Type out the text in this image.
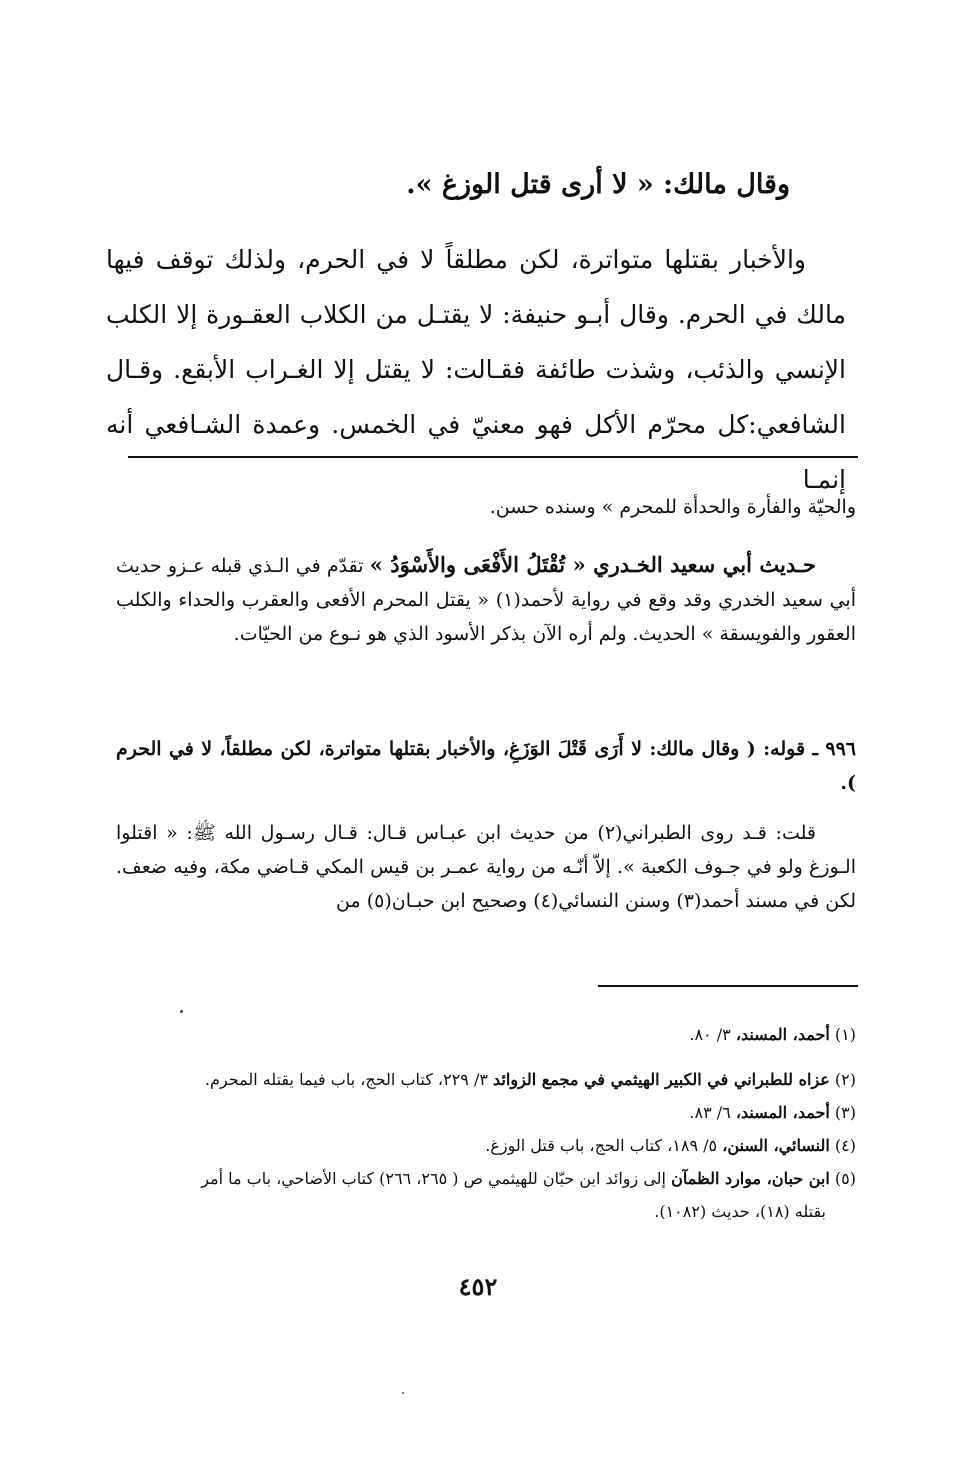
وقال مالك: « لا أرى قتل الوزغ ».

والأخبار بقتلها متواترة، لكن مطلقاً لا في الحرم، ولذلك توقف فيها مالك في الحرم. وقال أبـو حنيفة: لا يقتـل من الكلاب العقـورة إلا الكلب الإنسي والذئب، وشذت طائفة فقـالت: لا يقتل إلا الغـراب الأبقع. وقـال الشافعي:كل محرّم الأكل فهو معنيّ في الخمس. وعمدة الشـافعي أنه إنمـا

والحيّة والفأرة والحدأة للمحرم » وسنده حسن.

حـديث أبي سعيد الخـدري « تُقْتَلُ الأَفْعَى والأَسْوَدُ » تقدّم في الـذي قبله عـزو حديث أبي سعيد الخدري وقد وقع في رواية لأحمد(١) « يقتل المحرم الأفعى والعقرب والحداء والكلب العقور والفويسقة » الحديث. ولم أره الآن بذكر الأسود الذي هو نـوع من الحيّات.

٩٩٦ ـ قوله: ( وقال مالك: لا أَرَى قَتْلَ الوَزَغِ، والأخبار بقتلها متواترة، لكن مطلقاً، لا في الحرم ).

قلت: قـد روى الطبراني(٢) من حديث ابن عبـاس قـال: قـال رسـول الله ﷺ: « اقتلوا الـوزغ ولو في جـوف الكعبة ». إلاّ أنّـه من رواية عمـر بن قيس المكي قـاضي مكة، وفيه ضعف. لكن في مسند أحمد(٣) وسنن النسائي(٤) وصحيح ابن حبـان(٥) من

(١) أحمد، المسند، ٣/ ٨٠.
(٢) عزاه للطبراني في الكبير الهيثمي في مجمع الزوائد ٣/ ٢٢٩، كتاب الحج، باب فيما يقتله المحرم.
(٣) أحمد، المسند، ٦/ ٨٣.
(٤) النسائي، السنن، ٥/ ١٨٩، كتاب الحج، باب قتل الوزغ.
(٥) ابن حبان، موارد الظمآن إلى زوائد ابن حبّان للهيثمي ص ( ٢٦٥، ٢٦٦) كتاب الأضاحي، باب ما أمر
بقتله (١٨)، حديث (١٠٨٢).
٤٥٢
